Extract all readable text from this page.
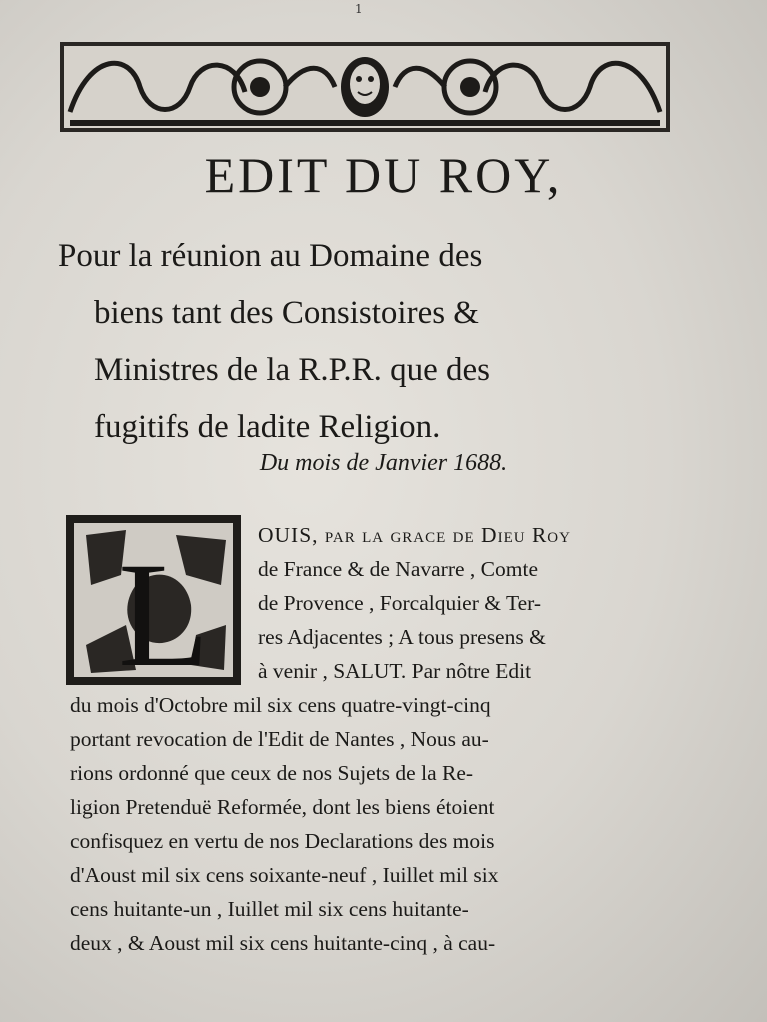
1
EDIT DU ROY,
Pour la réunion au Domaine des
biens tant des Consistoires &
Ministres de la R.P.R. que des
fugitifs de ladite Religion.
Du mois de Janvier 1688.
L OUIS, par la grace de Dieu Roy
de France & de Navarre , Comte
de Provence , Forcalquier & Ter-
res Adjacentes ; A tous presens &
à venir , SALUT. Par nôtre Edit
du mois d'Octobre mil six cens quatre-vingt-cinq
portant revocation de l'Edit de Nantes , Nous au-
rions ordonné que ceux de nos Sujets de la Re-
ligion Pretenduë Reformée, dont les biens étoient
confisquez en vertu de nos Declarations des mois
d'Aoust mil six cens soixante-neuf , Iuillet mil six
cens huitante-un , Iuillet mil six cens huitante-
deux , & Aoust mil six cens huitante-cinq , à cau-
